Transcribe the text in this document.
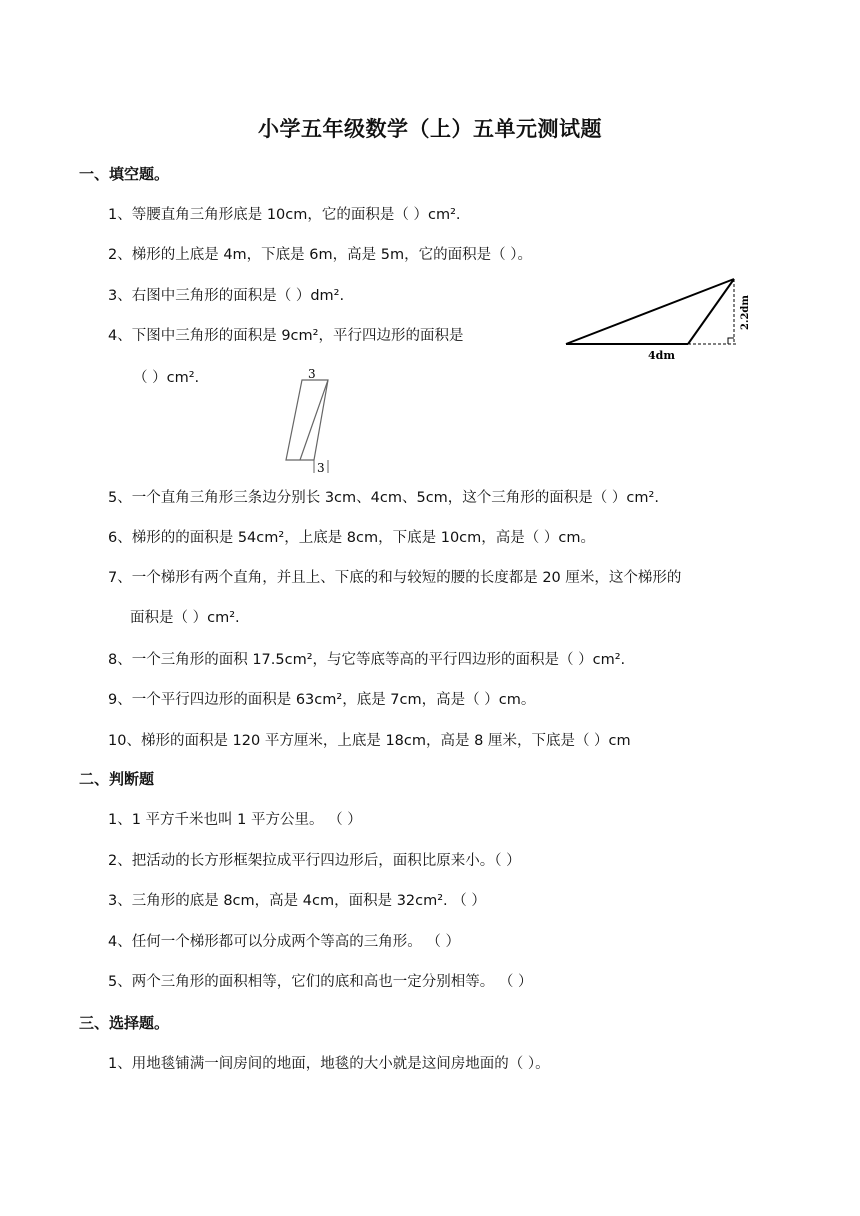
小学五年级数学（上）五单元测试题
一、填空题。
1、等腰直角三角形底是 10cm，它的面积是（ ）cm².
2、梯形的上底是 4m，下底是 6m，高是 5m，它的面积是（ ）。
3、右图中三角形的面积是（ ）dm².
4、下图中三角形的面积是 9cm²，平行四边形的面积是
（ ）cm².
4dm
2.2dm
3
3
5、一个直角三角形三条边分别长 3cm、4cm、5cm，这个三角形的面积是（ ）cm².
6、梯形的的面积是 54cm²，上底是 8cm，下底是 10cm，高是（ ）cm。
7、一个梯形有两个直角，并且上、下底的和与较短的腰的长度都是 20 厘米，这个梯形的
面积是（ ）cm².
8、一个三角形的面积 17.5cm²，与它等底等高的平行四边形的面积是（ ）cm².
9、一个平行四边形的面积是 63cm²，底是 7cm，高是（ ）cm。
10、梯形的面积是 120 平方厘米，上底是 18cm，高是 8 厘米，下底是（ ）cm
二、判断题
1、1 平方千米也叫 1 平方公里。 （ ）
2、把活动的长方形框架拉成平行四边形后，面积比原来小。（ ）
3、三角形的底是 8cm，高是 4cm，面积是 32cm². （ ）
4、任何一个梯形都可以分成两个等高的三角形。 （ ）
5、两个三角形的面积相等，它们的底和高也一定分别相等。 （ ）
三、选择题。
1、用地毯铺满一间房间的地面，地毯的大小就是这间房地面的（ ）。
